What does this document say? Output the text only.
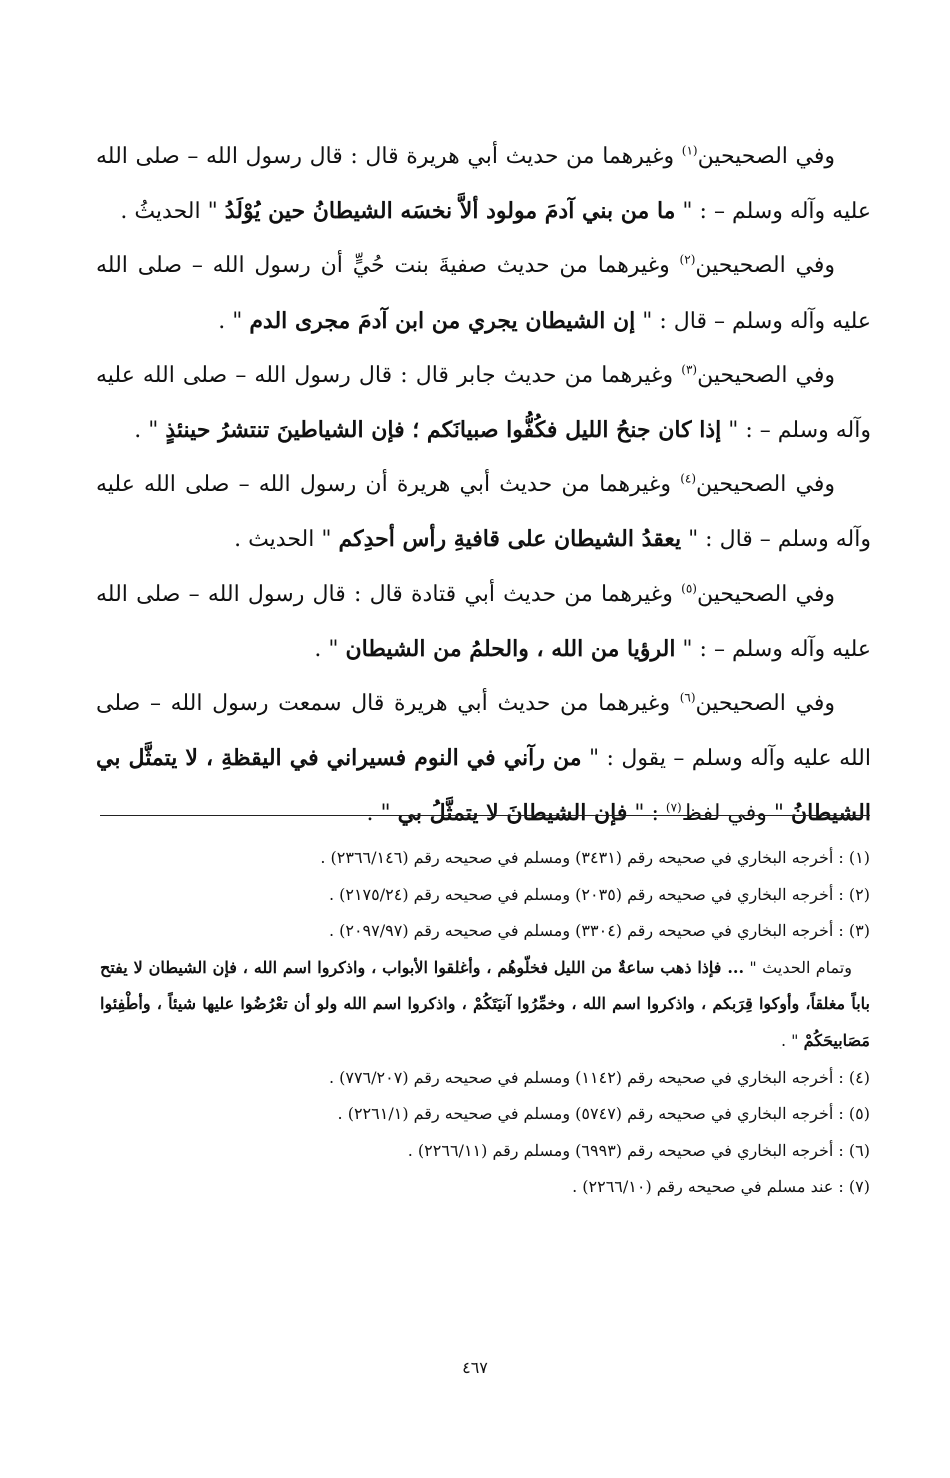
وفي الصحيحين$^{(١)}$ وغيرهما من حديث أبي هريرة قال : قال رسول الله – صلى الله عليه وآله وسلم – : " ما من بني آدمَ مولود ألاَّ نخسَه الشيطانُ حين يُوْلَدُ " الحديثُ .

وفي الصحيحين$^{(٢)}$ وغيرهما من حديث صفيةَ بنت حُيٍّ أن رسول الله – صلى الله عليه وآله وسلم – قال : " إن الشيطان يجري من ابن آدمَ مجرى الدم " .

وفي الصحيحين$^{(٣)}$ وغيرهما من حديث جابر قال : قال رسول الله – صلى الله عليه وآله وسلم – : " إذا كان جنحُ الليل فكُفُّوا صبيانَكم ؛ فإن الشياطينَ تنتشرُ حينئذٍ " .

وفي الصحيحين$^{(٤)}$ وغيرهما من حديث أبي هريرة أن رسول الله – صلى الله عليه وآله وسلم – قال : " يعقدُ الشيطان على قافيةِ رأس أحدِكم " الحديث .

وفي الصحيحين$^{(٥)}$ وغيرهما من حديث أبي قتادة قال : قال رسول الله – صلى الله عليه وآله وسلم – : " الرؤيا من الله ، والحلمُ من الشيطان " .

وفي الصحيحين$^{(٦)}$ وغيرهما من حديث أبي هريرة قال سمعت رسول الله – صلى الله عليه وآله وسلم – يقول : " من رآني في النوم فسيراني في اليقظةِ ، لا يتمثَّل بي الشيطانُ " وفي لفظ$^{(٧)}$ : " فإن الشيطانَ لا يتمثَّلُ بي " .

(١) : أخرجه البخاري في صحيحه رقم (٣٤٣١) ومسلم في صحيحه رقم (٢٣٦٦/١٤٦) .

(٢) : أخرجه البخاري في صحيحه رقم (٢٠٣٥) ومسلم في صحيحه رقم (٢١٧٥/٢٤) .

(٣) : أخرجه البخاري في صحيحه رقم (٣٣٠٤) ومسلم في صحيحه رقم (٢٠٩٧/٩٧) .

وتمام الحديث " ... فإذا ذهب ساعةٌ من الليل فخلّوهُم ، وأغلقوا الأبواب ، واذكروا اسم الله ، فإن الشيطان لا يفتح باباً مغلقاً، وأوكوا قِرَبكم ، واذكروا اسم الله ، وخمِّرُوا آنيَتَكُمْ ، واذكروا اسم الله ولو أن تعْرُضُوا عليها شيئاً ، وأطْفِئوا مَصَابيحَكُمْ " .

(٤) : أخرجه البخاري في صحيحه رقم (١١٤٢) ومسلم في صحيحه رقم (٧٧٦/٢٠٧) .

(٥) : أخرجه البخاري في صحيحه رقم (٥٧٤٧) ومسلم في صحيحه رقم (٢٢٦١/١) .

(٦) : أخرجه البخاري في صحيحه رقم (٦٩٩٣) ومسلم رقم (٢٢٦٦/١١) .

(٧) : عند مسلم في صحيحه رقم (٢٢٦٦/١٠) .

٤٦٧
